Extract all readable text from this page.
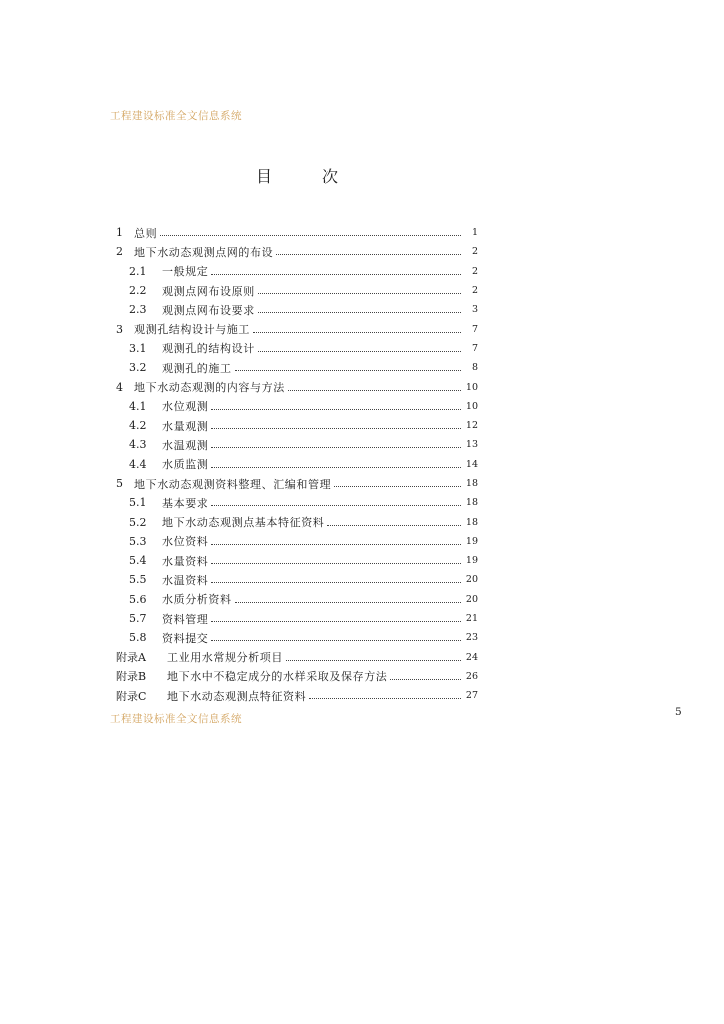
工程建设标准全文信息系统
目	次
1	总则	1
2	地下水动态观测点网的布设	2
2.1	一般规定	2
2.2	观测点网布设原则	2
2.3	观测点网布设要求	3
3	观测孔结构设计与施工	7
3.1	观测孔的结构设计	7
3.2	观测孔的施工	8
4	地下水动态观测的内容与方法	10
4.1	水位观测	10
4.2	水量观测	12
4.3	水温观测	13
4.4	水质监测	14
5	地下水动态观测资料整理、汇编和管理	18
5.1	基本要求	18
5.2	地下水动态观测点基本特征资料	18
5.3	水位资料	19
5.4	水量资料	19
5.5	水温资料	20
5.6	水质分析资料	20
5.7	资料管理	21
5.8	资料提交	23
附录A	工业用水常规分析项目	24
附录B	地下水中不稳定成分的水样采取及保存方法	26
附录C	地下水动态观测点特征资料	27
工程建设标准全文信息系统
5
